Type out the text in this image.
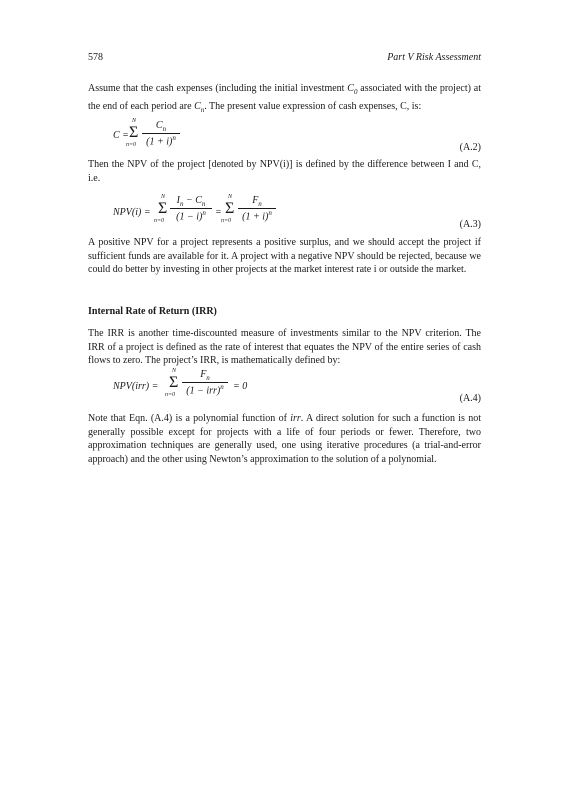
578	Part V Risk Assessment
Assume that the cash expenses (including the initial investment $C_0$ associated with the project) at the end of each period are $C_n$. The present value expression of cash expenses, C, is:
C =
N
Σ
$n=0 \frac{C_n}{(1 + i)^n}$
(A.2)
Then the NPV of the project [denoted by NPV(i)] is defined by the difference between I and C, i.e.
NPV(i) =
N
Σ
$n=0 \frac{I_n - C_n}{(1 - i)^n}$ =
N
Σ
$n=0 \frac{F_n}{(1 + i)^n}$
(A.3)
A positive NPV for a project represents a positive surplus, and we should accept the project if sufficient funds are available for it. A project with a negative NPV should be rejected, because we could do better by investing in other projects at the market interest rate i or outside the market.
Internal Rate of Return (IRR)
The IRR is another time-discounted measure of investments similar to the NPV criterion. The IRR of a project is defined as the rate of interest that equates the NPV of the entire series of cash flows to zero. The project’s IRR, is mathematically defined by:
NPV(irr) =
N
Σ
n=0
$F_n$
(1 − irr)$^n$ = 0
(A.4)
Note that Eqn. (A.4) is a polynomial function of irr. A direct solution for such a function is not generally possible except for projects with a life of four periods or fewer. Therefore, two approximation techniques are generally used, one using iterative procedures (a trial-and-error approach) and the other using Newton’s approximation to the solution of a polynomial.
